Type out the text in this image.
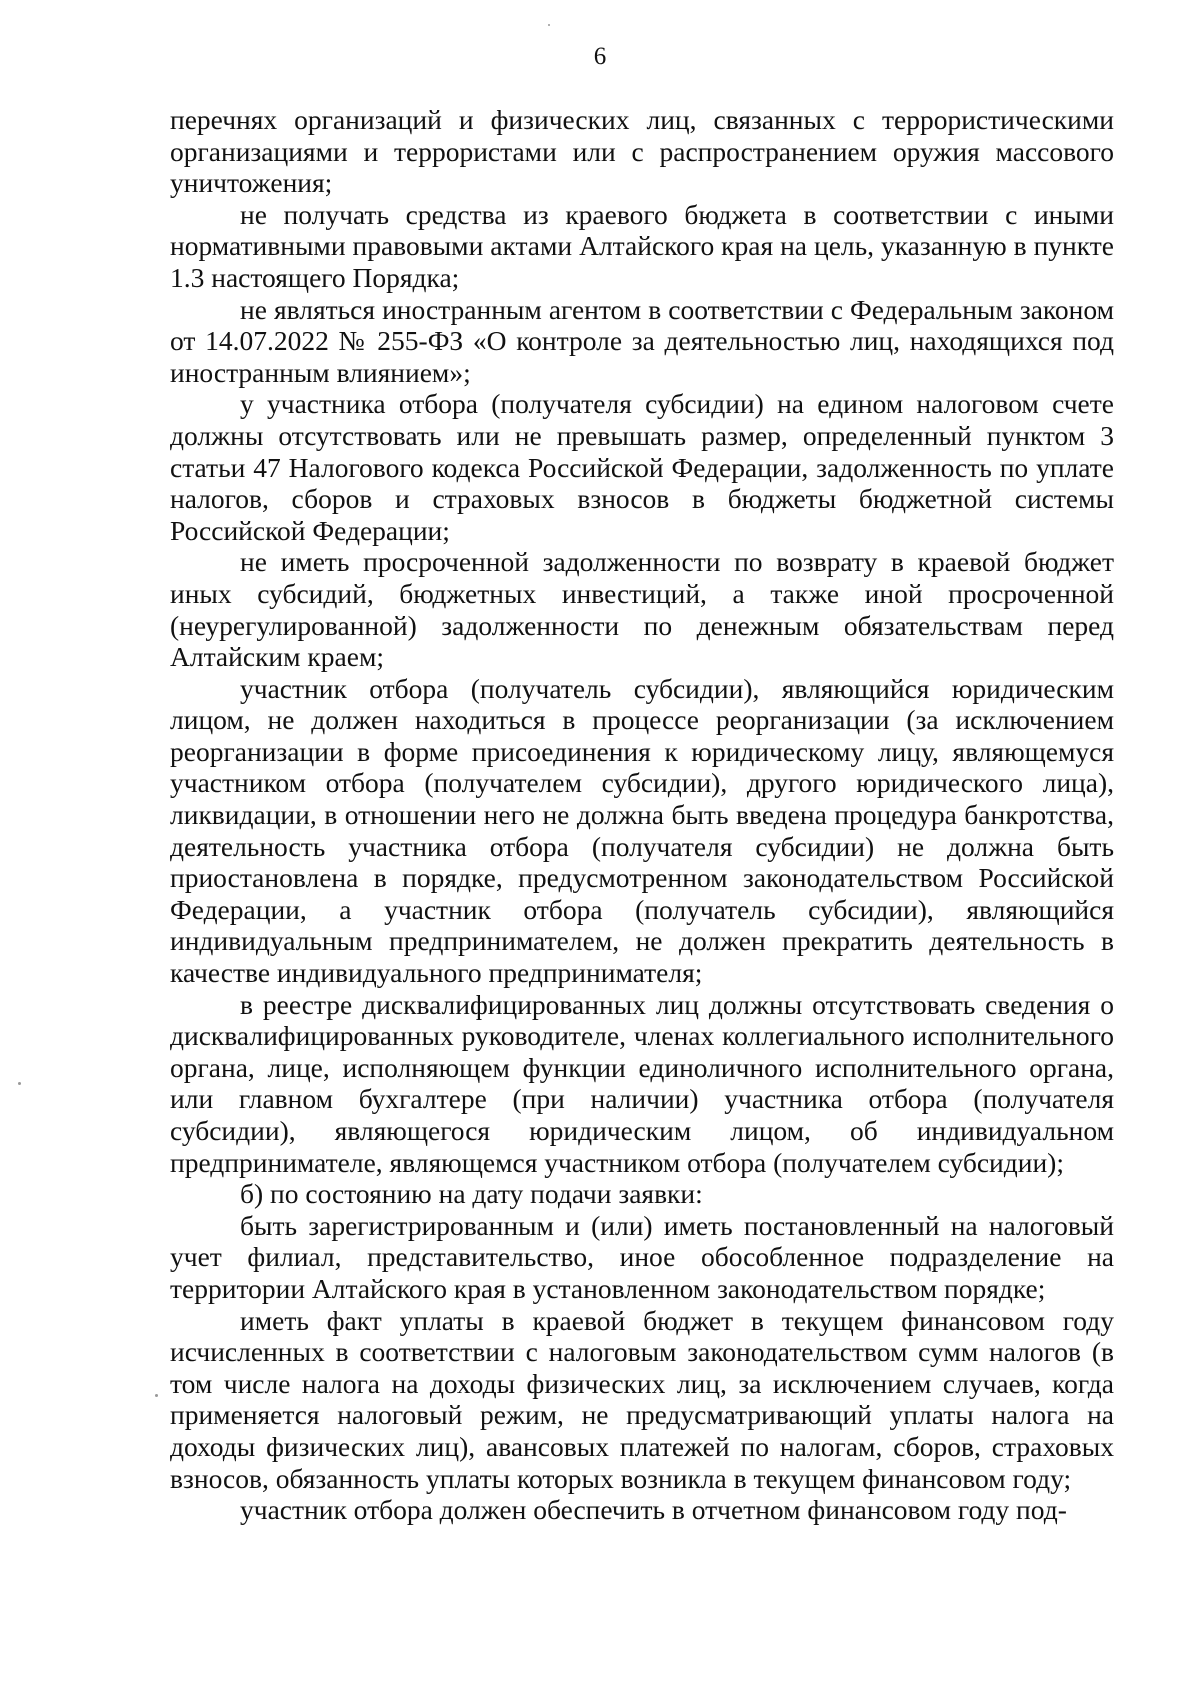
6

перечнях организаций и физических лиц, связанных с террористическими организациями и террористами или с распространением оружия массового уничтожения;

не получать средства из краевого бюджета в соответствии с иными нормативными правовыми актами Алтайского края на цель, указанную в пункте 1.3 настоящего Порядка;

не являться иностранным агентом в соответствии с Федеральным законом от 14.07.2022 № 255-ФЗ «О контроле за деятельностью лиц, находящихся под иностранным влиянием»;

у участника отбора (получателя субсидии) на едином налоговом счете должны отсутствовать или не превышать размер, определенный пунктом 3 статьи 47 Налогового кодекса Российской Федерации, задолженность по уплате налогов, сборов и страховых взносов в бюджеты бюджетной системы Российской Федерации;

не иметь просроченной задолженности по возврату в краевой бюджет иных субсидий, бюджетных инвестиций, а также иной просроченной (неурегулированной) задолженности по денежным обязательствам перед Алтайским краем;

участник отбора (получатель субсидии), являющийся юридическим лицом, не должен находиться в процессе реорганизации (за исключением реорганизации в форме присоединения к юридическому лицу, являющемуся участником отбора (получателем субсидии), другого юридического лица), ликвидации, в отношении него не должна быть введена процедура банкротства, деятельность участника отбора (получателя субсидии) не должна быть приостановлена в порядке, предусмотренном законодательством Российской Федерации, а участник отбора (получатель субсидии), являющийся индивидуальным предпринимателем, не должен прекратить деятельность в качестве индивидуального предпринимателя;

в реестре дисквалифицированных лиц должны отсутствовать сведения о дисквалифицированных руководителе, членах коллегиального исполнительного органа, лице, исполняющем функции единоличного исполнительного органа, или главном бухгалтере (при наличии) участника отбора (получателя субсидии), являющегося юридическим лицом, об индивидуальном предпринимателе, являющемся участником отбора (получателем субсидии);

б) по состоянию на дату подачи заявки:

быть зарегистрированным и (или) иметь постановленный на налоговый учет филиал, представительство, иное обособленное подразделение на территории Алтайского края в установленном законодательством порядке;

иметь факт уплаты в краевой бюджет в текущем финансовом году исчисленных в соответствии с налоговым законодательством сумм налогов (в том числе налога на доходы физических лиц, за исключением случаев, когда применяется налоговый режим, не предусматривающий уплаты налога на доходы физических лиц), авансовых платежей по налогам, сборов, страховых взносов, обязанность уплаты которых возникла в текущем финансовом году;

участник отбора должен обеспечить в отчетном финансовом году под-
